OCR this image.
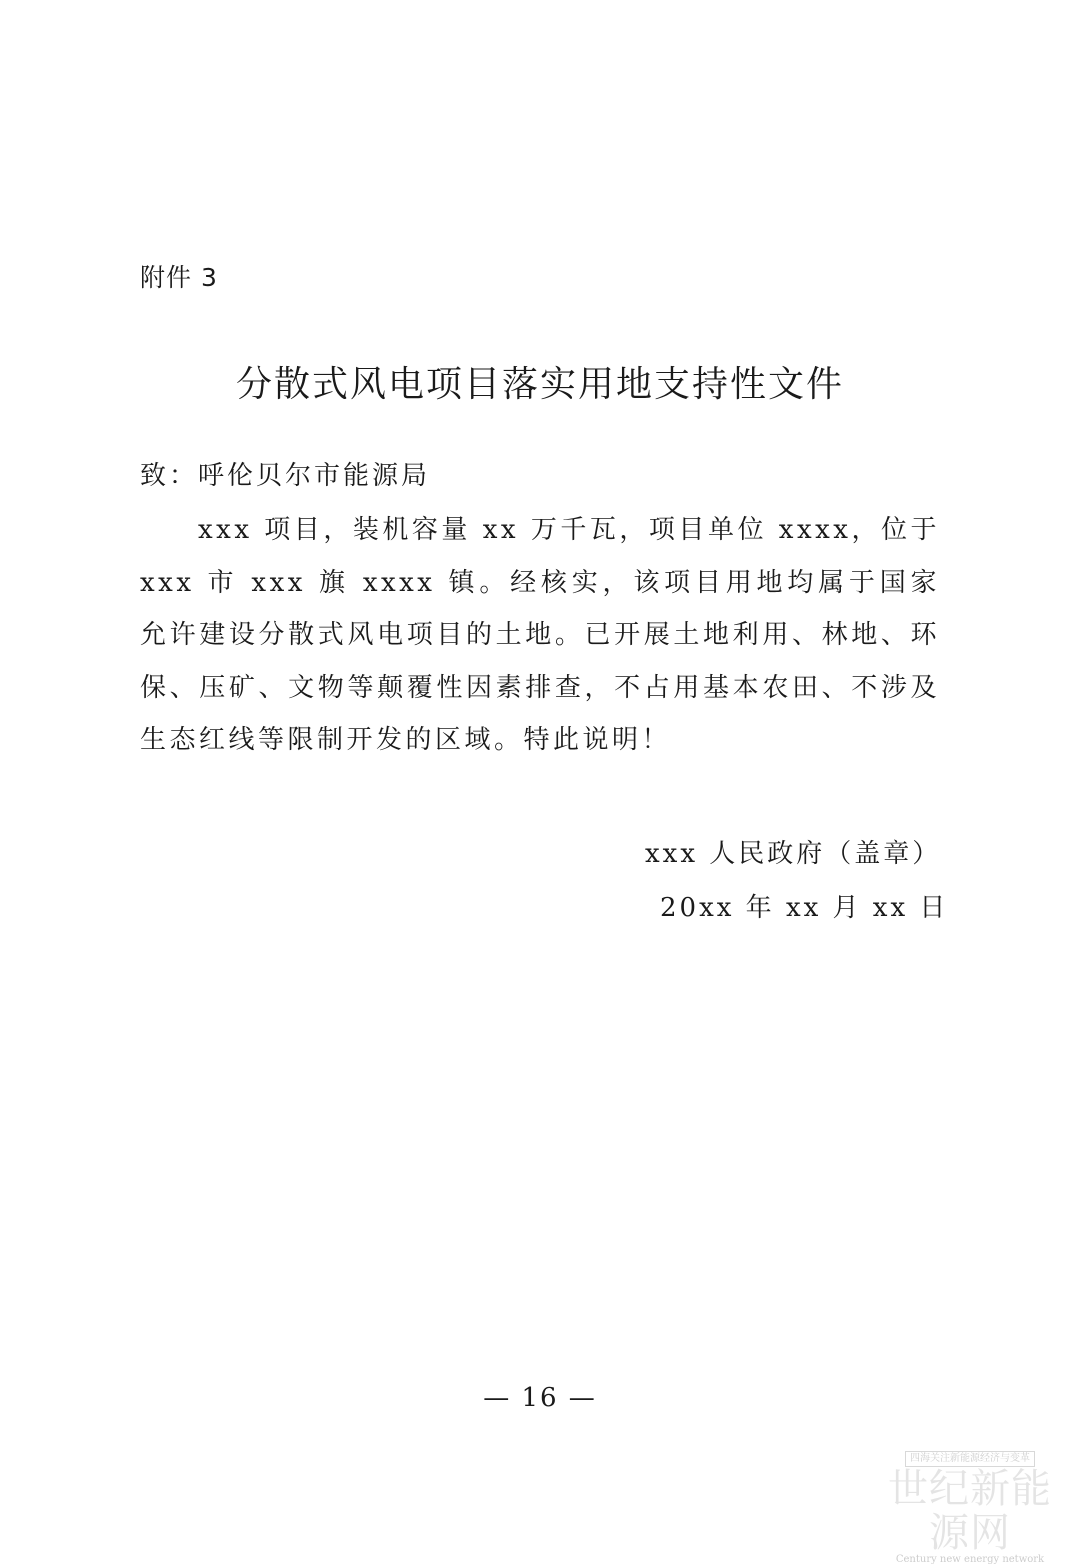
附件 3
分散式风电项目落实用地支持性文件
致：呼伦贝尔市能源局

xxx 项目，装机容量 xx 万千瓦，项目单位 xxxx，位于 xxx 市 xxx 旗 xxxx 镇。经核实，该项目用地均属于国家允许建设分散式风电项目的土地。已开展土地利用、林地、环保、压矿、文物等颠覆性因素排查，不占用基本农田、不涉及生态红线等限制开发的区域。特此说明！

xxx 人民政府（盖章）
20xx 年 xx 月 xx 日
— 16 —
四海关注新能源经济与变革
世纪新能源网
Century new energy network
